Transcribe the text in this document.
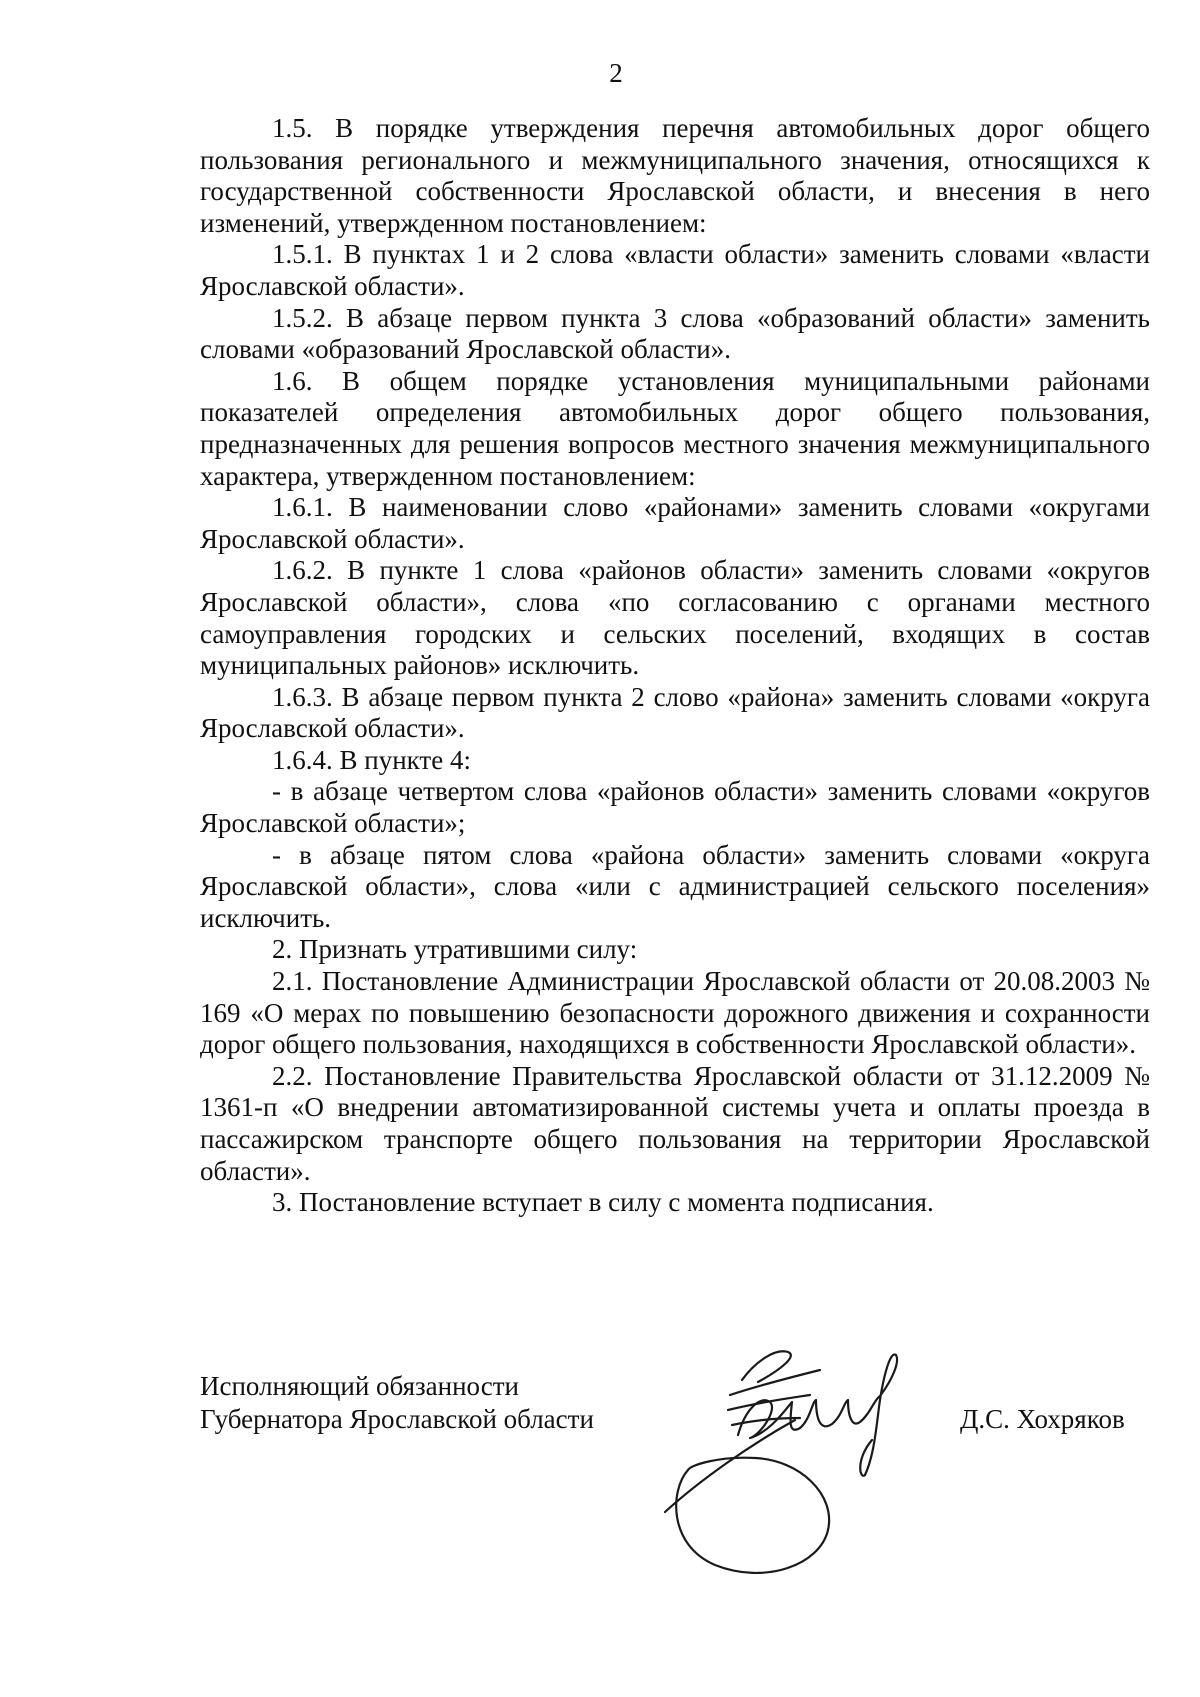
2

1.5. В порядке утверждения перечня автомобильных дорог общего пользования регионального и межмуниципального значения, относящихся к государственной собственности Ярославской области, и внесения в него изменений, утвержденном постановлением:

1.5.1. В пунктах 1 и 2 слова «власти области» заменить словами «власти Ярославской области».

1.5.2. В абзаце первом пункта 3 слова «образований области» заменить словами «образований Ярославской области».

1.6. В общем порядке установления муниципальными районами показателей определения автомобильных дорог общего пользования, предназначенных для решения вопросов местного значения межмуниципального характера, утвержденном постановлением:

1.6.1. В наименовании слово «районами» заменить словами «округами Ярославской области».

1.6.2. В пункте 1 слова «районов области» заменить словами «округов Ярославской области», слова «по согласованию с органами местного самоуправления городских и сельских поселений, входящих в состав муниципальных районов» исключить.

1.6.3. В абзаце первом пункта 2 слово «района» заменить словами «округа Ярославской области».

1.6.4. В пункте 4:

- в абзаце четвертом слова «районов области» заменить словами «округов Ярославской области»;

- в абзаце пятом слова «района области» заменить словами «округа Ярославской области», слова «или с администрацией сельского поселения» исключить.

2. Признать утратившими силу:

2.1. Постановление Администрации Ярославской области от 20.08.2003 № 169 «О мерах по повышению безопасности дорожного движения и сохранности дорог общего пользования, находящихся в собственности Ярославской области».

2.2. Постановление Правительства Ярославской области от 31.12.2009 № 1361-п «О внедрении автоматизированной системы учета и оплаты проезда в пассажирском транспорте общего пользования на территории Ярославской области».

3. Постановление вступает в силу с момента подписания.

Исполняющий обязанности
Губернатора Ярославской области	Д.С. Хохряков
